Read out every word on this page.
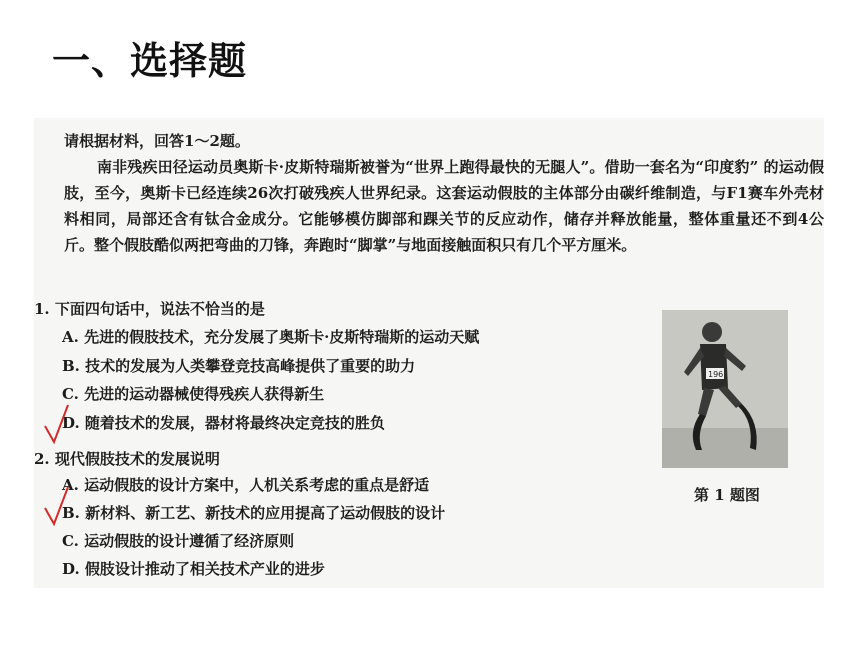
一、选择题
请根据材料，回答1～2题。
南非残疾田径运动员奥斯卡·皮斯特瑞斯被誉为“世界上跑得最快的无腿人”。借助一套名为“印度豹” 的运动假肢，至今，奥斯卡已经连续26次打破残疾人世界纪录。这套运动假肢的主体部分由碳纤维制造，与F1赛车外壳材料相同，局部还含有钛合金成分。它能够模仿脚部和踝关节的反应动作，储存并释放能量，整体重量还不到4公斤。整个假肢酷似两把弯曲的刀锋，奔跑时“脚掌”与地面接触面积只有几个平方厘米。
1. 下面四句话中，说法不恰当的是
A. 先进的假肢技术，充分发展了奥斯卡·皮斯特瑞斯的运动天赋
B. 技术的发展为人类攀登竞技高峰提供了重要的助力
C. 先进的运动器械使得残疾人获得新生
D. 随着技术的发展，器材将最终决定竞技的胜负
2. 现代假肢技术的发展说明
A. 运动假肢的设计方案中，人机关系考虑的重点是舒适
B. 新材料、新工艺、新技术的应用提高了运动假肢的设计
C. 运动假肢的设计遵循了经济原则
D. 假肢设计推动了相关技术产业的进步
196
第 1 题图
